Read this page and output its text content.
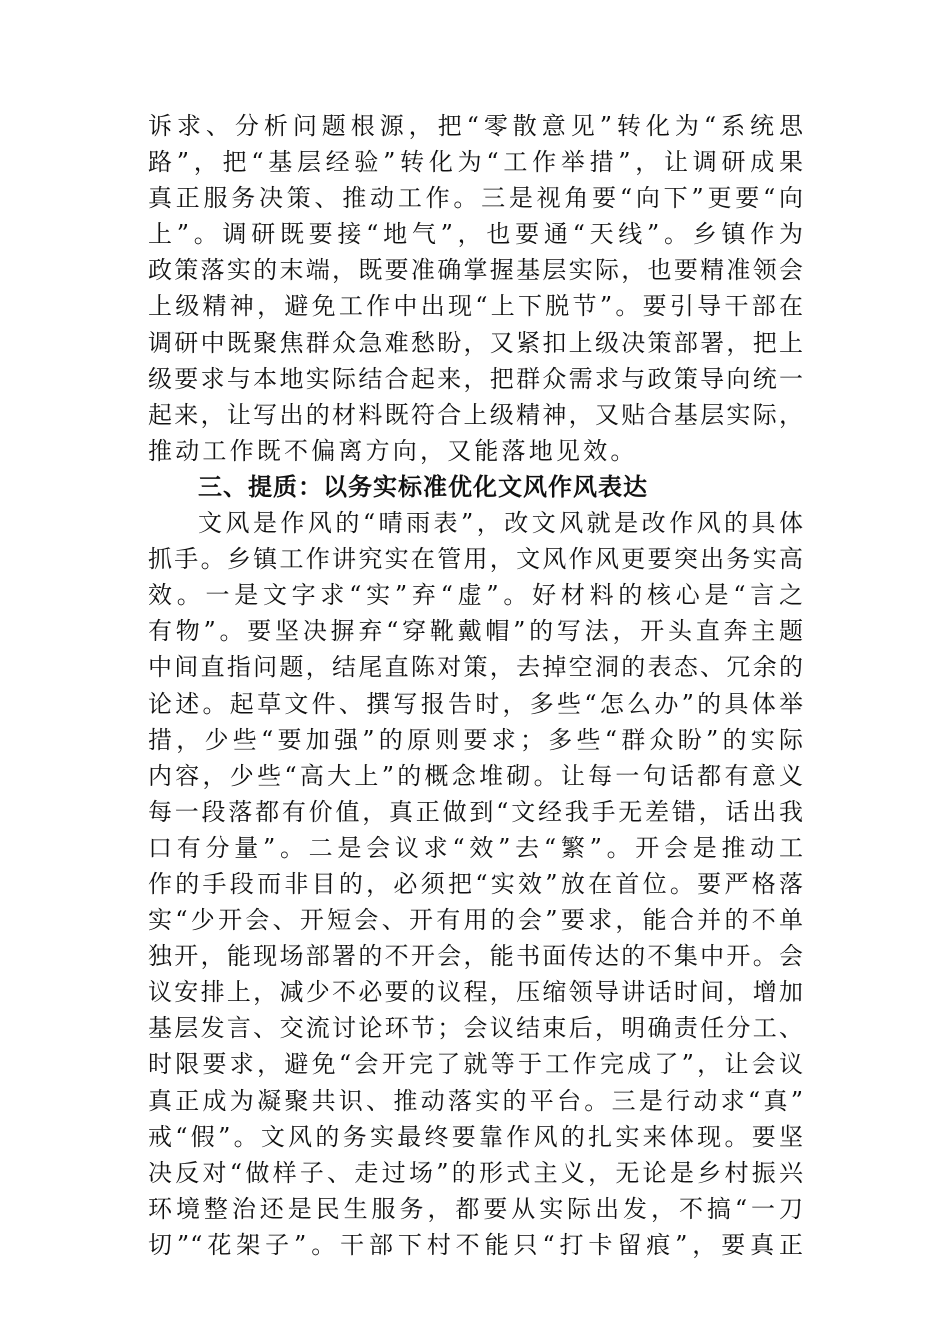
诉求、分析问题根源，把“零散意见”转化为“系统思
路”，把“基层经验”转化为“工作举措”，让调研成果
真正服务决策、推动工作。三是视角要“向下”更要“向
上”。调研既要接“地气”，也要通“天线”。乡镇作为
政策落实的末端，既要准确掌握基层实际，也要精准领会
上级精神，避免工作中出现“上下脱节”。要引导干部在
调研中既聚焦群众急难愁盼，又紧扣上级决策部署，把上
级要求与本地实际结合起来，把群众需求与政策导向统一
起来，让写出的材料既符合上级精神，又贴合基层实际，
推动工作既不偏离方向，又能落地见效。
三、提质：以务实标准优化文风作风表达
文风是作风的“晴雨表”，改文风就是改作风的具体
抓手。乡镇工作讲究实在管用，文风作风更要突出务实高
效。一是文字求“实”弃“虚”。好材料的核心是“言之
有物”。要坚决摒弃“穿靴戴帽”的写法，开头直奔主题
中间直指问题，结尾直陈对策，去掉空洞的表态、冗余的
论述。起草文件、撰写报告时，多些“怎么办”的具体举
措，少些“要加强”的原则要求；多些“群众盼”的实际
内容，少些“高大上”的概念堆砌。让每一句话都有意义
每一段落都有价值，真正做到“文经我手无差错，话出我
口有分量”。二是会议求“效”去“繁”。开会是推动工
作的手段而非目的，必须把“实效”放在首位。要严格落
实“少开会、开短会、开有用的会”要求，能合并的不单
独开，能现场部署的不开会，能书面传达的不集中开。会
议安排上，减少不必要的议程，压缩领导讲话时间，增加
基层发言、交流讨论环节；会议结束后，明确责任分工、
时限要求，避免“会开完了就等于工作完成了”，让会议
真正成为凝聚共识、推动落实的平台。三是行动求“真”
戒“假”。文风的务实最终要靠作风的扎实来体现。要坚
决反对“做样子、走过场”的形式主义，无论是乡村振兴
环境整治还是民生服务，都要从实际出发，不搞“一刀
切”“花架子”。干部下村不能只“打卡留痕”，要真正
